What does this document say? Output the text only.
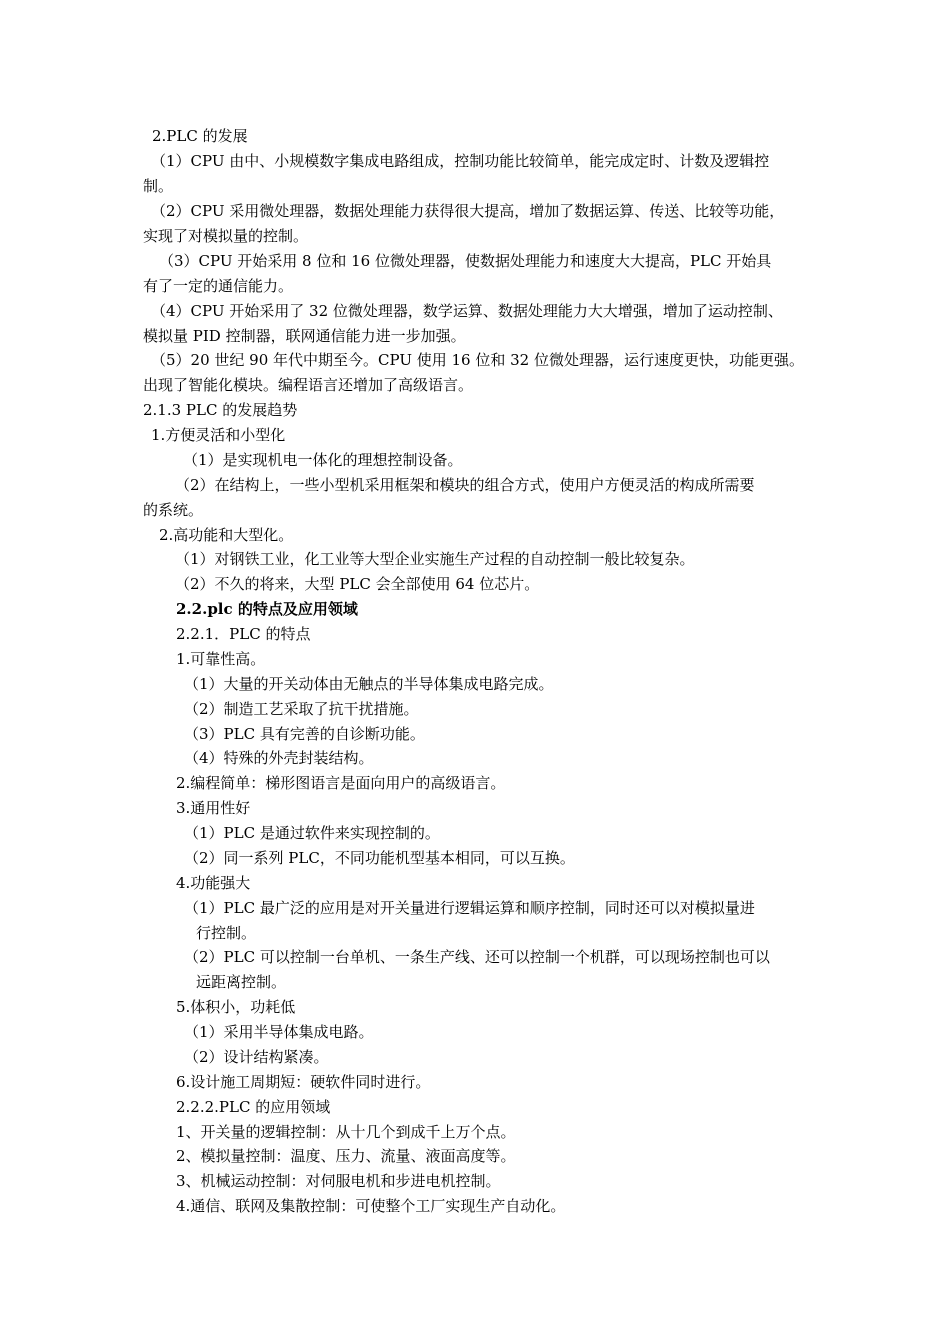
2.PLC 的发展
（1）CPU 由中、小规模数字集成电路组成，控制功能比较简单，能完成定时、计数及逻辑控
制。
（2）CPU 采用微处理器，数据处理能力获得很大提高，增加了数据运算、传送、比较等功能，
实现了对模拟量的控制。
（3）CPU 开始采用 8 位和 16 位微处理器，使数据处理能力和速度大大提高，PLC 开始具
有了一定的通信能力。
（4）CPU 开始采用了 32 位微处理器，数学运算、数据处理能力大大增强，增加了运动控制、
模拟量 PID 控制器，联网通信能力进一步加强。
（5）20 世纪 90 年代中期至今。CPU 使用 16 位和 32 位微处理器，运行速度更快，功能更强。
出现了智能化模块。编程语言还增加了高级语言。
2.1.3 PLC 的发展趋势
1.方便灵活和小型化
（1）是实现机电一体化的理想控制设备。
（2）在结构上，一些小型机采用框架和模块的组合方式，使用户方便灵活的构成所需要
的系统。
2.高功能和大型化。
（1）对钢铁工业，化工业等大型企业实施生产过程的自动控制一般比较复杂。
（2）不久的将来，大型 PLC 会全部使用 64 位芯片。
2.2.plc 的特点及应用领域
2.2.1．PLC 的特点
1.可靠性高。
（1）大量的开关动体由无触点的半导体集成电路完成。
（2）制造工艺采取了抗干扰措施。
（3）PLC 具有完善的自诊断功能。
（4）特殊的外壳封装结构。
2.编程简单：梯形图语言是面向用户的高级语言。
3.通用性好
（1）PLC 是通过软件来实现控制的。
（2）同一系列 PLC，不同功能机型基本相同，可以互换。
4.功能强大
（1）PLC 最广泛的应用是对开关量进行逻辑运算和顺序控制，同时还可以对模拟量进
行控制。
（2）PLC 可以控制一台单机、一条生产线、还可以控制一个机群，可以现场控制也可以
远距离控制。
5.体积小，功耗低
（1）采用半导体集成电路。
（2）设计结构紧凑。
6.设计施工周期短：硬软件同时进行。
2.2.2.PLC 的应用领域
1、开关量的逻辑控制：从十几个到成千上万个点。
2、模拟量控制：温度、压力、流量、液面高度等。
3、机械运动控制：对伺服电机和步进电机控制。
4.通信、联网及集散控制：可使整个工厂实现生产自动化。
